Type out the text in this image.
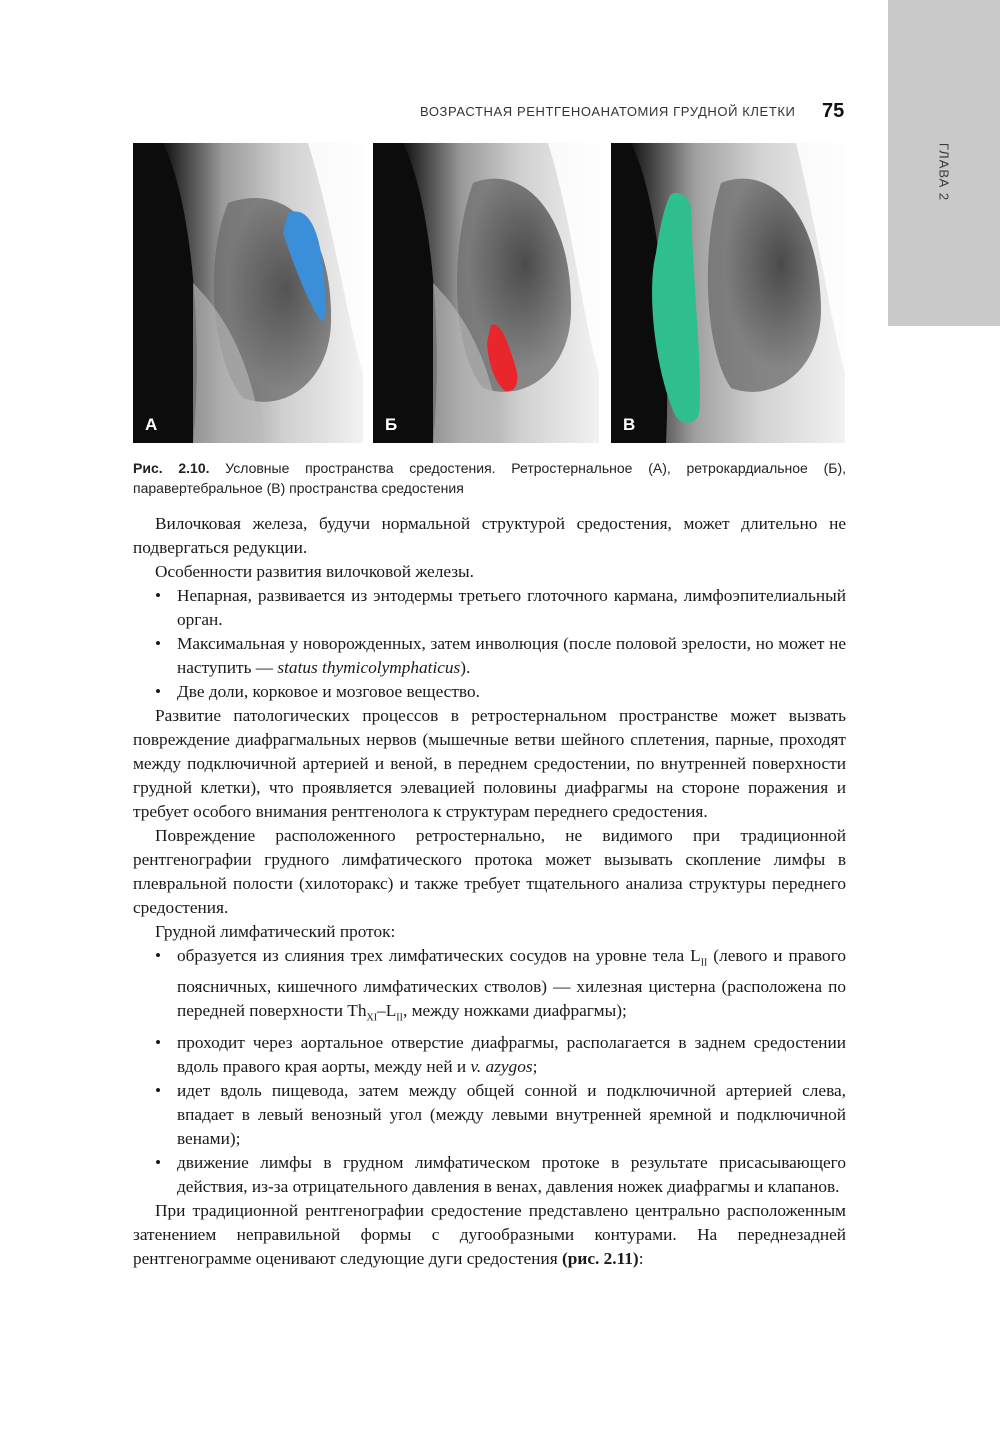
ГЛАВА 2
ВОЗРАСТНАЯ РЕНТГЕНОАНАТОМИЯ ГРУДНОЙ КЛЕТКИ 75
А	Б	В
Рис. 2.10. Условные пространства средостения. Ретростернальное (А), ретрокардиальное (Б), паравертебральное (В) пространства средостения

Вилочковая железа, будучи нормальной структурой средостения, может длительно не подвергаться редукции.

Особенности развития вилочковой железы.

• Непарная, развивается из энтодермы третьего глоточного кармана, лимфоэпителиальный орган.
• Максимальная у новорожденных, затем инволюция (после половой зрелости, но может не наступить — status thymicolymphaticus).
• Две доли, корковое и мозговое вещество.

Развитие патологических процессов в ретростернальном пространстве может вызвать повреждение диафрагмальных нервов (мышечные ветви шейного сплетения, парные, проходят между подключичной артерией и веной, в переднем средостении, по внутренней поверхности грудной клетки), что проявляется элевацией половины диафрагмы на стороне поражения и требует особого внимания рентгенолога к структурам переднего средостения.

Повреждение расположенного ретростернально, не видимого при традиционной рентгенографии грудного лимфатического протока может вызывать скопление лимфы в плевральной полости (хилоторакс) и также требует тщательного анализа структуры переднего средостения.

Грудной лимфатический проток:

• образуется из слияния трех лимфатических сосудов на уровне тела $L_{II}$ (левого и правого поясничных, кишечного лимфатических стволов) — хилезная цистерна (расположена по передней поверхности $Th_{XI}-L_{II}$, между ножками диафрагмы);
• проходит через аортальное отверстие диафрагмы, располагается в заднем средостении вдоль правого края аорты, между ней и v. azygos;
• идет вдоль пищевода, затем между общей сонной и подключичной артерией слева, впадает в левый венозный угол (между левыми внутренней яремной и подключичной венами);
• движение лимфы в грудном лимфатическом протоке в результате присасывающего действия, из-за отрицательного давления в венах, давления ножек диафрагмы и клапанов.

При традиционной рентгенографии средостение представлено центрально расположенным затенением неправильной формы с дугообразными контурами. На переднезадней рентгенограмме оценивают следующие дуги средостения (рис. 2.11):
